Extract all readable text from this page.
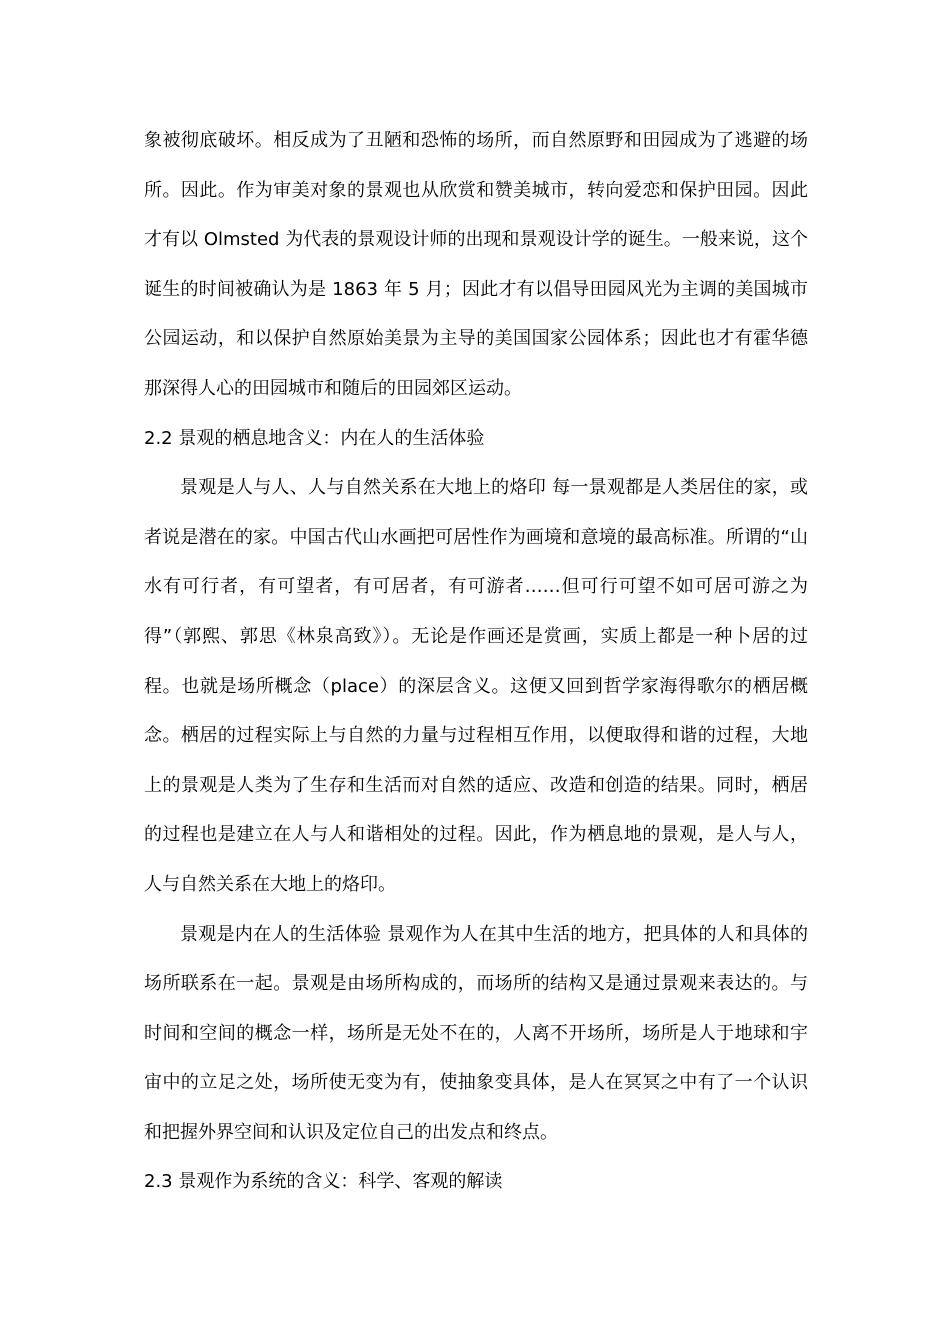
象被彻底破坏。相反成为了丑陋和恐怖的场所，而自然原野和田园成为了逃避的场所。因此。作为审美对象的景观也从欣赏和赞美城市，转向爱恋和保护田园。因此才有以 Olmsted 为代表的景观设计师的出现和景观设计学的诞生。一般来说，这个诞生的时间被确认为是 1863 年 5 月；因此才有以倡导田园风光为主调的美国城市公园运动，和以保护自然原始美景为主导的美国国家公园体系；因此也才有霍华德那深得人心的田园城市和随后的田园郊区运动。

2.2 景观的栖息地含义：内在人的生活体验

景观是人与人、人与自然关系在大地上的烙印 每一景观都是人类居住的家，或者说是潜在的家。中国古代山水画把可居性作为画境和意境的最高标准。所谓的“山水有可行者，有可望者，有可居者，有可游者……但可行可望不如可居可游之为得”（郭熙、郭思《林泉高致》）。无论是作画还是赏画，实质上都是一种卜居的过程。也就是场所概念（place）的深层含义。这便又回到哲学家海得歌尔的栖居概念。栖居的过程实际上与自然的力量与过程相互作用，以便取得和谐的过程，大地上的景观是人类为了生存和生活而对自然的适应、改造和创造的结果。同时，栖居的过程也是建立在人与人和谐相处的过程。因此，作为栖息地的景观，是人与人，人与自然关系在大地上的烙印。

景观是内在人的生活体验 景观作为人在其中生活的地方，把具体的人和具体的场所联系在一起。景观是由场所构成的，而场所的结构又是通过景观来表达的。与时间和空间的概念一样，场所是无处不在的，人离不开场所，场所是人于地球和宇宙中的立足之处，场所使无变为有，使抽象变具体，是人在冥冥之中有了一个认识和把握外界空间和认识及定位自己的出发点和终点。

2.3 景观作为系统的含义：科学、客观的解读
